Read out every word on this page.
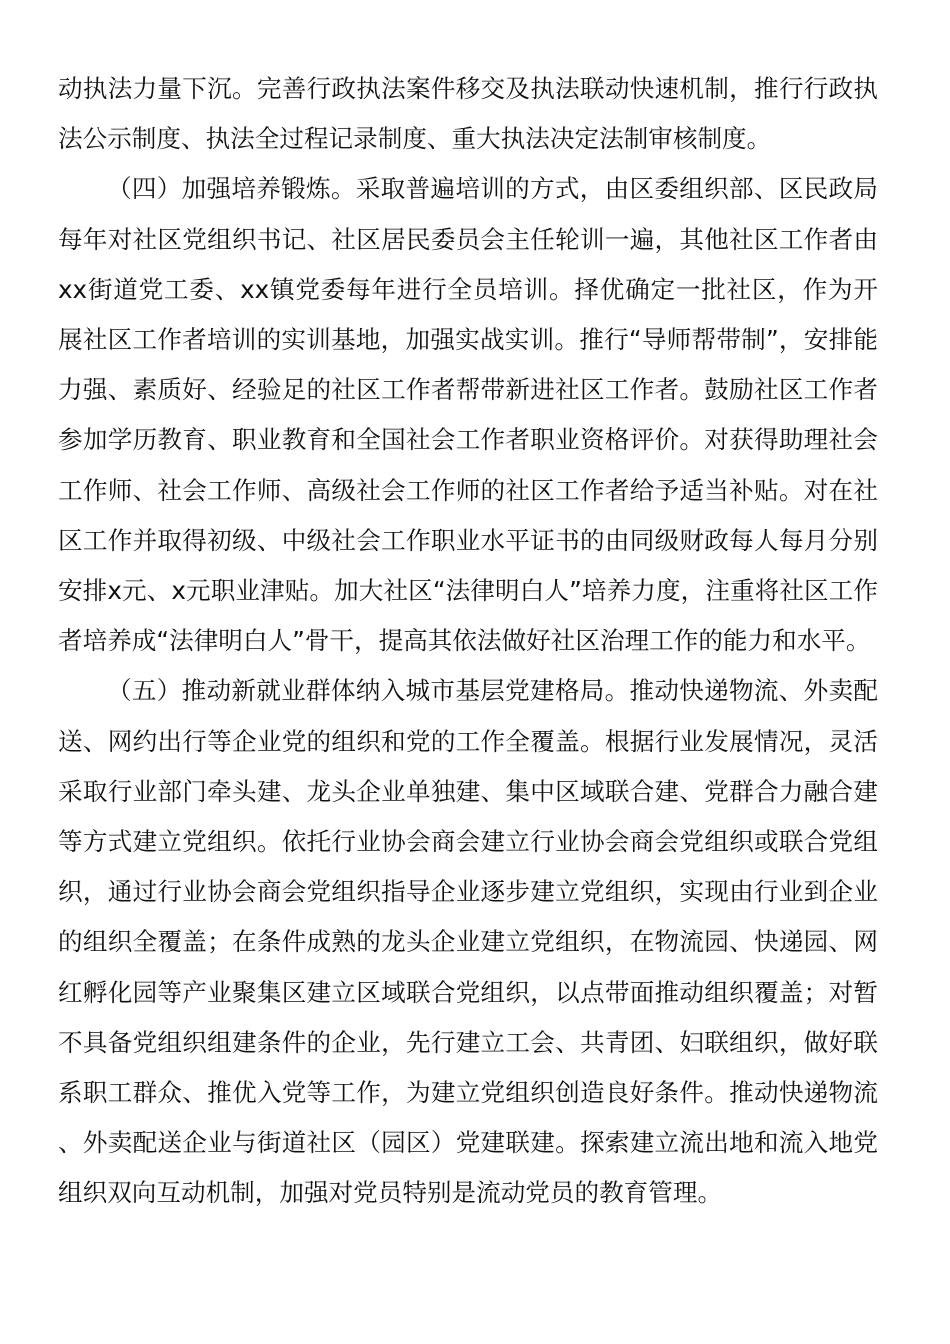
动执法力量下沉。完善行政执法案件移交及执法联动快速机制，推行行政执法公示制度、执法全过程记录制度、重大执法决定法制审核制度。

（四）加强培养锻炼。采取普遍培训的方式，由区委组织部、区民政局每年对社区党组织书记、社区居民委员会主任轮训一遍，其他社区工作者由xx街道党工委、xx镇党委每年进行全员培训。择优确定一批社区，作为开展社区工作者培训的实训基地，加强实战实训。推行“导师帮带制”，安排能力强、素质好、经验足的社区工作者帮带新进社区工作者。鼓励社区工作者参加学历教育、职业教育和全国社会工作者职业资格评价。对获得助理社会工作师、社会工作师、高级社会工作师的社区工作者给予适当补贴。对在社区工作并取得初级、中级社会工作职业水平证书的由同级财政每人每月分别安排x元、x元职业津贴。加大社区“法律明白人”培养力度，注重将社区工作者培养成“法律明白人”骨干，提高其依法做好社区治理工作的能力和水平。

（五）推动新就业群体纳入城市基层党建格局。推动快递物流、外卖配送、网约出行等企业党的组织和党的工作全覆盖。根据行业发展情况，灵活采取行业部门牵头建、龙头企业单独建、集中区域联合建、党群合力融合建等方式建立党组织。依托行业协会商会建立行业协会商会党组织或联合党组织，通过行业协会商会党组织指导企业逐步建立党组织，实现由行业到企业的组织全覆盖；在条件成熟的龙头企业建立党组织，在物流园、快递园、网红孵化园等产业聚集区建立区域联合党组织，以点带面推动组织覆盖；对暂不具备党组织组建条件的企业，先行建立工会、共青团、妇联组织，做好联系职工群众、推优入党等工作，为建立党组织创造良好条件。推动快递物流、外卖配送企业与街道社区（园区）党建联建。探索建立流出地和流入地党组织双向互动机制，加强对党员特别是流动党员的教育管理。
